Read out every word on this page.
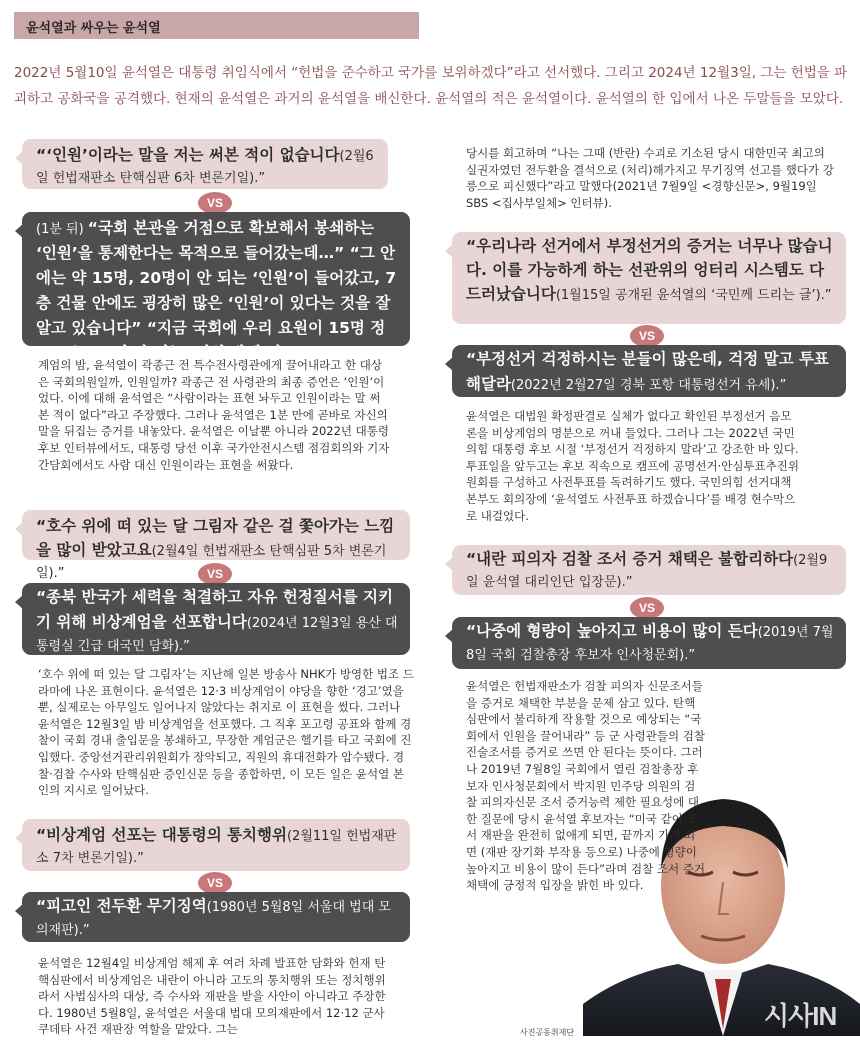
윤석열과 싸우는 윤석열
2022년 5월10일 윤석열은 대통령 취임식에서 “헌법을 준수하고 국가를 보위하겠다”라고 선서했다. 그리고 2024년 12월3일, 그는 헌법을 파괴하고 공화국을 공격했다. 현재의 윤석열은 과거의 윤석열을 배신한다. 윤석열의 적은 윤석열이다. 윤석열의 한 입에서 나온 두말들을 모았다.
“‘인원’이라는 말을 저는 써본 적이 없습니다(2월6일 헌법재판소 탄핵심판 6차 변론기일).”
VS
(1분 뒤) “국회 본관을 거점으로 확보해서 봉쇄하는 ‘인원’을 통제한다는 목적으로 들어갔는데…” “그 안에는 약 15명, 20명이 안 되는 ‘인원’이 들어갔고, 7층 건물 안에도 굉장히 많은 ‘인원’이 있다는 것을 잘 알고 있습니다” “지금 국회에 우리 요원이 15명 정도 또는 20명 안 되는 ‘인원’밖에 없고…”.

계엄의 밤, 윤석열이 곽종근 전 특수전사령관에게 끌어내라고 한 대상은 국회의원일까, 인원일까? 곽종근 전 사령관의 최종 증언은 ‘인원’이었다. 이에 대해 윤석열은 “사람이라는 표현 놔두고 인원이라는 말 써본 적이 없다”라고 주장했다. 그러나 윤석열은 1분 만에 곧바로 자신의 말을 뒤집는 증거를 내놓았다. 윤석열은 이날뿐 아니라 2022년 대통령 후보 인터뷰에서도, 대통령 당선 이후 국가안전시스템 점검회의와 기자간담회에서도 사람 대신 인원이라는 표현을 써왔다.

“호수 위에 떠 있는 달 그림자 같은 걸 쫓아가는 느낌을 많이 받았고요(2월4일 헌법재판소 탄핵심판 5차 변론기일).”	VS
“종북 반국가 세력을 척결하고 자유 헌정질서를 지키기 위해 비상계엄을 선포합니다(2024년 12월3일 용산 대통령실 긴급 대국민 담화).”

‘호수 위에 떠 있는 달 그림자’는 지난해 일본 방송사 NHK가 방영한 법조 드라마에 나온 표현이다. 윤석열은 12·3 비상계엄이 야당을 향한 ‘경고’였을 뿐, 실제로는 아무일도 일어나지 않았다는 취지로 이 표현을 썼다. 그러나 윤석열은 12월3일 밤 비상계엄을 선포했다. 그 직후 포고령 공표와 함께 경찰이 국회 경내 출입문을 봉쇄하고, 무장한 계엄군은 헬기를 타고 국회에 진입했다. 중앙선거관리위원회가 장악되고, 직원의 휴대전화가 압수됐다. 경찰·검찰 수사와 탄핵심판 증인신문 등을 종합하면, 이 모든 일은 윤석열 본인의 지시로 일어났다.

“비상계엄 선포는 대통령의 통치행위(2월11일 헌법재판소 7차 변론기일).”
VS
“피고인 전두환 무기징역(1980년 5월8일 서울대 법대 모의재판).”

윤석열은 12월4일 비상계엄 해제 후 여러 차례 발표한 담화와 헌재 탄핵심판에서 비상계엄은 내란이 아니라 고도의 통치행위 또는 정치행위라서 사법심사의 대상, 즉 수사와 재판을 받을 사안이 아니라고 주장한다. 1980년 5월8일, 윤석열은 서울대 법대 모의재판에서 12·12 군사쿠데타 사건 재판장 역할을 맡았다. 그는

당시를 회고하며 “나는 그때 (반란) 수괴로 기소된 당시 대한민국 최고의 실권자였던 전두환을 결석으로 (처리)해가지고 무기징역 선고를 했다가 강릉으로 피신했다”라고 말했다(2021년 7월9일 <경향신문>, 9월19일 SBS <집사부일체> 인터뷰).

“우리나라 선거에서 부정선거의 증거는 너무나 많습니다. 이를 가능하게 하는 선관위의 엉터리 시스템도 다 드러났습니다(1월15일 공개된 윤석열의 ‘국민께 드리는 글’).”
VS
“부정선거 걱정하시는 분들이 많은데, 걱정 말고 투표해달라(2022년 2월27일 경북 포항 대통령선거 유세).”

윤석열은 대법원 확정판결로 실체가 없다고 확인된 부정선거 음모론을 비상계엄의 명분으로 꺼내 들었다. 그러나 그는 2022년 국민의힘 대통령 후보 시절 ‘부정선거 걱정하지 말라’고 강조한 바 있다. 투표일을 앞두고는 후보 직속으로 캠프에 공명선거·안심투표추진위원회를 구성하고 사전투표를 독려하기도 했다. 국민의힘 선거대책본부도 회의장에 ‘윤석열도 사전투표 하겠습니다’를 배경 현수막으로 내걸었다.

“내란 피의자 검찰 조서 증거 채택은 불합리하다(2월9일 윤석열 대리인단 입장문).”
VS
“나중에 형량이 높아지고 비용이 많이 든다(2019년 7월8일 국회 검찰총장 후보자 인사청문회).”

윤석열은 헌법재판소가 검찰 피의자 신문조서들을 증거로 채택한 부분을 문제 삼고 있다. 탄핵심판에서 불리하게 작용할 것으로 예상되는 “국회에서 인원을 끌어내라” 등 군 사령관들의 검찰 진술조서를 증거로 쓰면 안 된다는 뜻이다. 그러나 2019년 7월8일 국회에서 열린 검찰총장 후보자 인사청문회에서 박지원 민주당 의원의 검찰 피의자신문 조서 증거능력 제한 필요성에 대한 질문에 당시 윤석열 후보자는 “미국 같이 조서 재판을 완전히 없애게 되면, 끝까지 가게 되면 (재판 장기화 부작용 등으로) 나중에 형량이 높아지고 비용이 많이 든다”라며 검찰 조서 증거 채택에 긍정적 입장을 밝힌 바 있다.

사진공동취재단
시사IN
